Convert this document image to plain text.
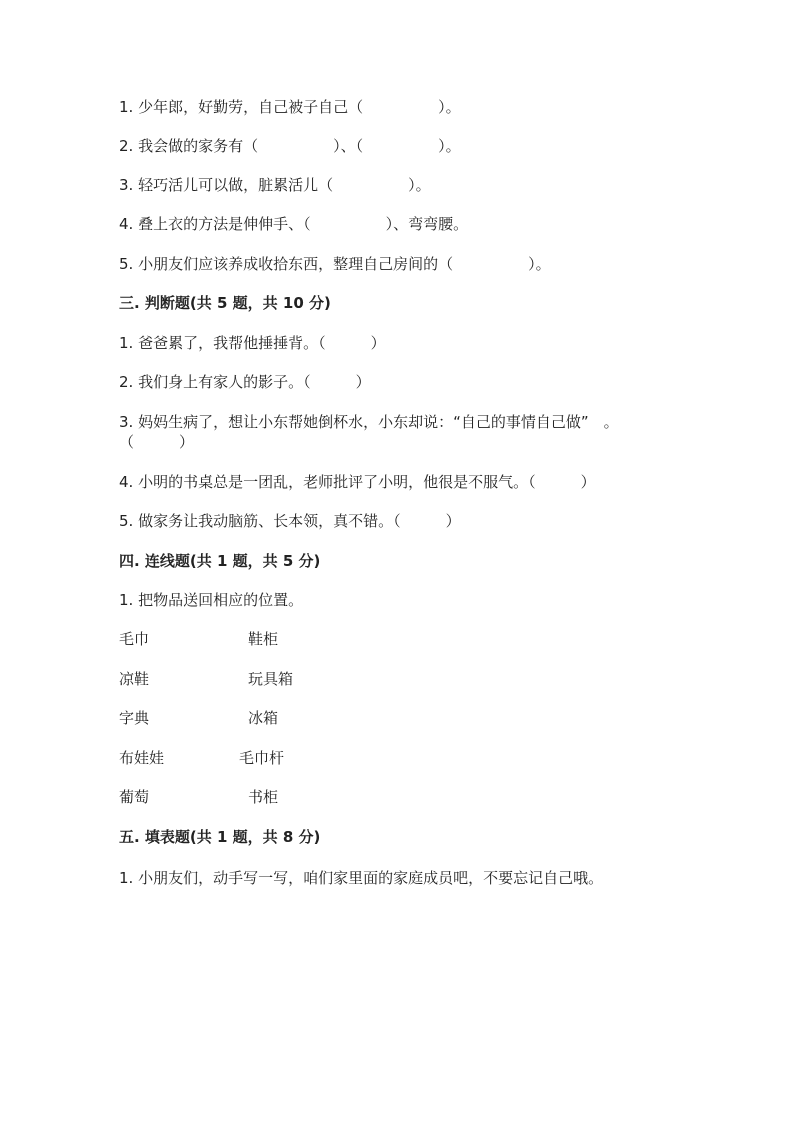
1. 少年郎，好勤劳，自己被子自己（　　　　　）。

2. 我会做的家务有（　　　　　）、（　　　　　）。

3. 轻巧活儿可以做，脏累活儿（　　　　　）。

4. 叠上衣的方法是伸伸手、（　　　　　）、弯弯腰。

5. 小朋友们应该养成收拾东西，整理自己房间的（　　　　　）。

三. 判断题(共 5 题，共 10 分)

1. 爸爸累了，我帮他捶捶背。（　　　）

2. 我们身上有家人的影子。（　　　）

3. 妈妈生病了，想让小东帮她倒杯水，小东却说：“自己的事情自己做”　。

（　　　）

4. 小明的书桌总是一团乱，老师批评了小明，他很是不服气。（　　　）

5. 做家务让我动脑筋、长本领，真不错。（　　　）

四. 连线题(共 1 题，共 5 分)

1. 把物品送回相应的位置。

毛巾	鞋柜
凉鞋	玩具箱
字典	冰箱
布娃娃	毛巾杆
葡萄	书柜

五. 填表题(共 1 题，共 8 分)

1. 小朋友们，动手写一写，咱们家里面的家庭成员吧，不要忘记自己哦。
